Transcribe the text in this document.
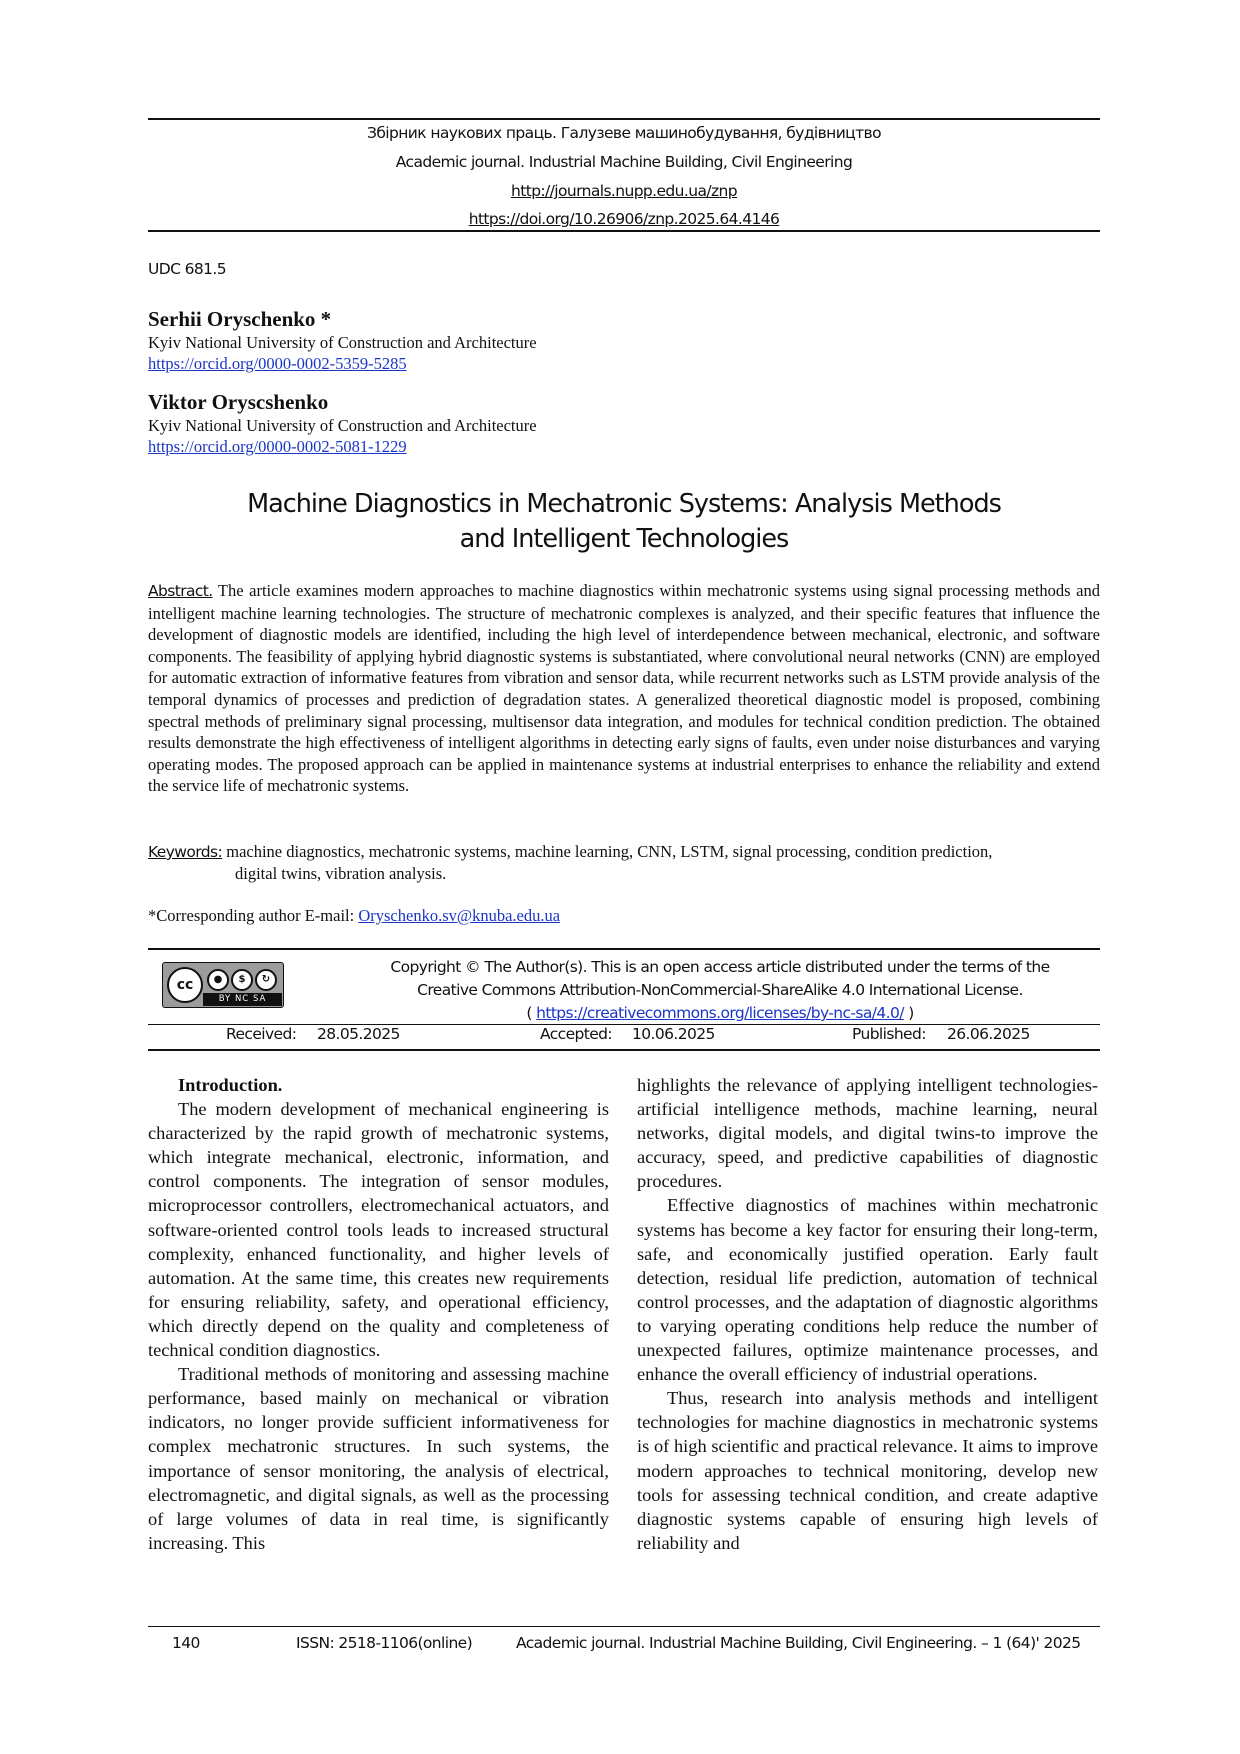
Збірник наукових праць. Галузеве машинобудування, будівництво
Academic journal. Industrial Machine Building, Civil Engineering
http://journals.nupp.edu.ua/znp
https://doi.org/10.26906/znp.2025.64.4146
UDC 681.5
Serhii Oryschenko *
Kyiv National University of Construction and Architecture
https://orcid.org/0000-0002-5359-5285
Viktor Oryscshenko
Kyiv National University of Construction and Architecture
https://orcid.org/0000-0002-5081-1229
Machine Diagnostics in Mechatronic Systems: Analysis Methods
and Intelligent Technologies
Abstract. The article examines modern approaches to machine diagnostics within mechatronic systems using signal processing methods and intelligent machine learning technologies. The structure of mechatronic complexes is analyzed, and their specific features that influence the development of diagnostic models are identified, including the high level of interdependence between mechanical, electronic, and software components. The feasibility of applying hybrid diagnostic systems is substantiated, where convolutional neural networks (CNN) are employed for automatic extraction of informative features from vibration and sensor data, while recurrent networks such as LSTM provide analysis of the temporal dynamics of processes and prediction of degradation states. A generalized theoretical diagnostic model is proposed, combining spectral methods of preliminary signal processing, multisensor data integration, and modules for technical condition prediction. The obtained results demonstrate the high effectiveness of intelligent algorithms in detecting early signs of faults, even under noise disturbances and varying operating modes. The proposed approach can be applied in maintenance systems at industrial enterprises to enhance the reliability and extend the service life of mechatronic systems.
Keywords: machine diagnostics, mechatronic systems, machine learning, CNN, LSTM, signal processing, condition prediction,
digital twins, vibration analysis.
*Corresponding author E-mail: Oryschenko.sv@knuba.edu.ua
cc	●	$	↻
BY NC SA
Copyright © The Author(s). This is an open access article distributed under the terms of the
Creative Commons Attribution-NonCommercial-ShareAlike 4.0 International License.
( https://creativecommons.org/licenses/by-nc-sa/4.0/ )
Received: 28.05.2025	Accepted: 10.06.2025	Published: 26.06.2025
Introduction.

The modern development of mechanical engineering is characterized by the rapid growth of mechatronic systems, which integrate mechanical, electronic, information, and control components. The integration of sensor modules, microprocessor controllers, electromechanical actuators, and software-oriented control tools leads to increased structural complexity, enhanced functionality, and higher levels of automation. At the same time, this creates new requirements for ensuring reliability, safety, and operational efficiency, which directly depend on the quality and completeness of technical condition diagnostics.

Traditional methods of monitoring and assessing machine performance, based mainly on mechanical or vibration indicators, no longer provide sufficient informativeness for complex mechatronic structures. In such systems, the importance of sensor monitoring, the analysis of electrical, electromagnetic, and digital signals, as well as the processing of large volumes of data in real time, is significantly increasing. This

highlights the relevance of applying intelligent technologies-artificial intelligence methods, machine learning, neural networks, digital models, and digital twins-to improve the accuracy, speed, and predictive capabilities of diagnostic procedures.

Effective diagnostics of machines within mechatronic systems has become a key factor for ensuring their long-term, safe, and economically justified operation. Early fault detection, residual life prediction, automation of technical control processes, and the adaptation of diagnostic algorithms to varying operating conditions help reduce the number of unexpected failures, optimize maintenance processes, and enhance the overall efficiency of industrial operations.

Thus, research into analysis methods and intelligent technologies for machine diagnostics in mechatronic systems is of high scientific and practical relevance. It aims to improve modern approaches to technical monitoring, develop new tools for assessing technical condition, and create adaptive diagnostic systems capable of ensuring high levels of reliability and

140	ISSN: 2518-1106(online)	Academic journal. Industrial Machine Building, Civil Engineering. – 1 (64)' 2025
